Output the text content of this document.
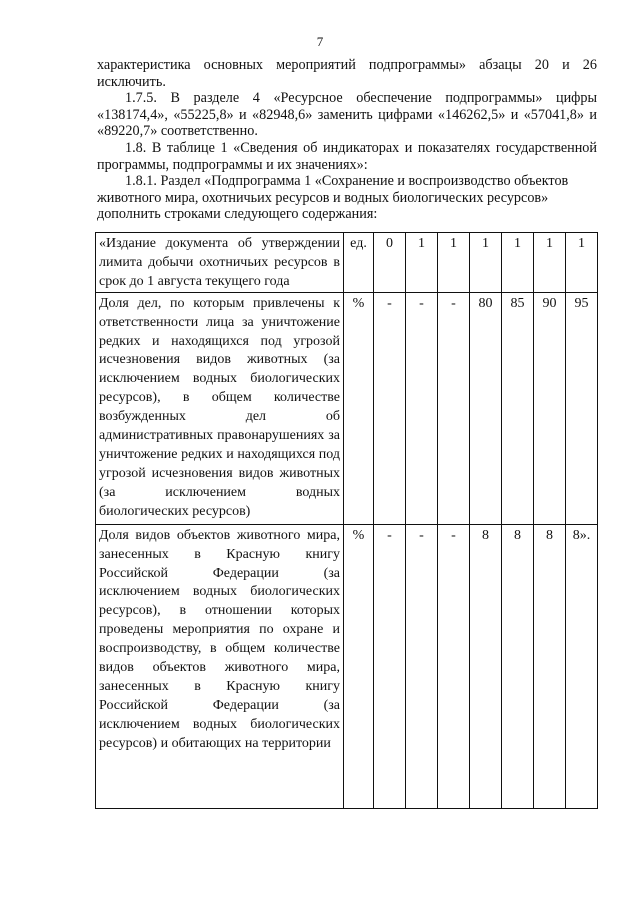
7

характеристика основных мероприятий подпрограммы» абзацы 20 и 26 исключить.

1.7.5. В разделе 4 «Ресурсное обеспечение подпрограммы» цифры «138174,4», «55225,8» и «82948,6» заменить цифрами «146262,5» и «57041,8» и «89220,7» соответственно.

1.8. В таблице 1 «Сведения об индикаторах и показателях государственной программы, подпрограммы и их значениях»:

1.8.1. Раздел «Подпрограмма 1 «Сохранение и воспроизводство объектов животного мира, охотничьих ресурсов и водных биологических ресурсов» дополнить строками следующего содержания:

«Издание документа об утверждении лимита добычи охотничьих ресурсов в срок до 1 августа текущего года	ед.	0	1	1	1	1	1	1
Доля дел, по которым привлечены к ответственности лица за уничтожение редких и находящихся под угрозой исчезновения видов животных (за исключением водных биологических ресурсов), в общем количестве возбужденных дел об административных правонарушениях за уничтожение редких и находящихся под угрозой исчезновения видов животных (за исключением водных биологических ресурсов)	%	-	-	-	80	85	90	95
Доля видов объектов животного мира, занесенных в Красную книгу Российской Федерации (за исключением водных биологических ресурсов), в отношении которых проведены мероприятия по охране и воспроизводству, в общем количестве видов объектов животного мира, занесенных в Красную книгу Российской Федерации (за исключением водных биологических ресурсов) и обитающих на территории	%	-	-	-	8	8	8	8».
